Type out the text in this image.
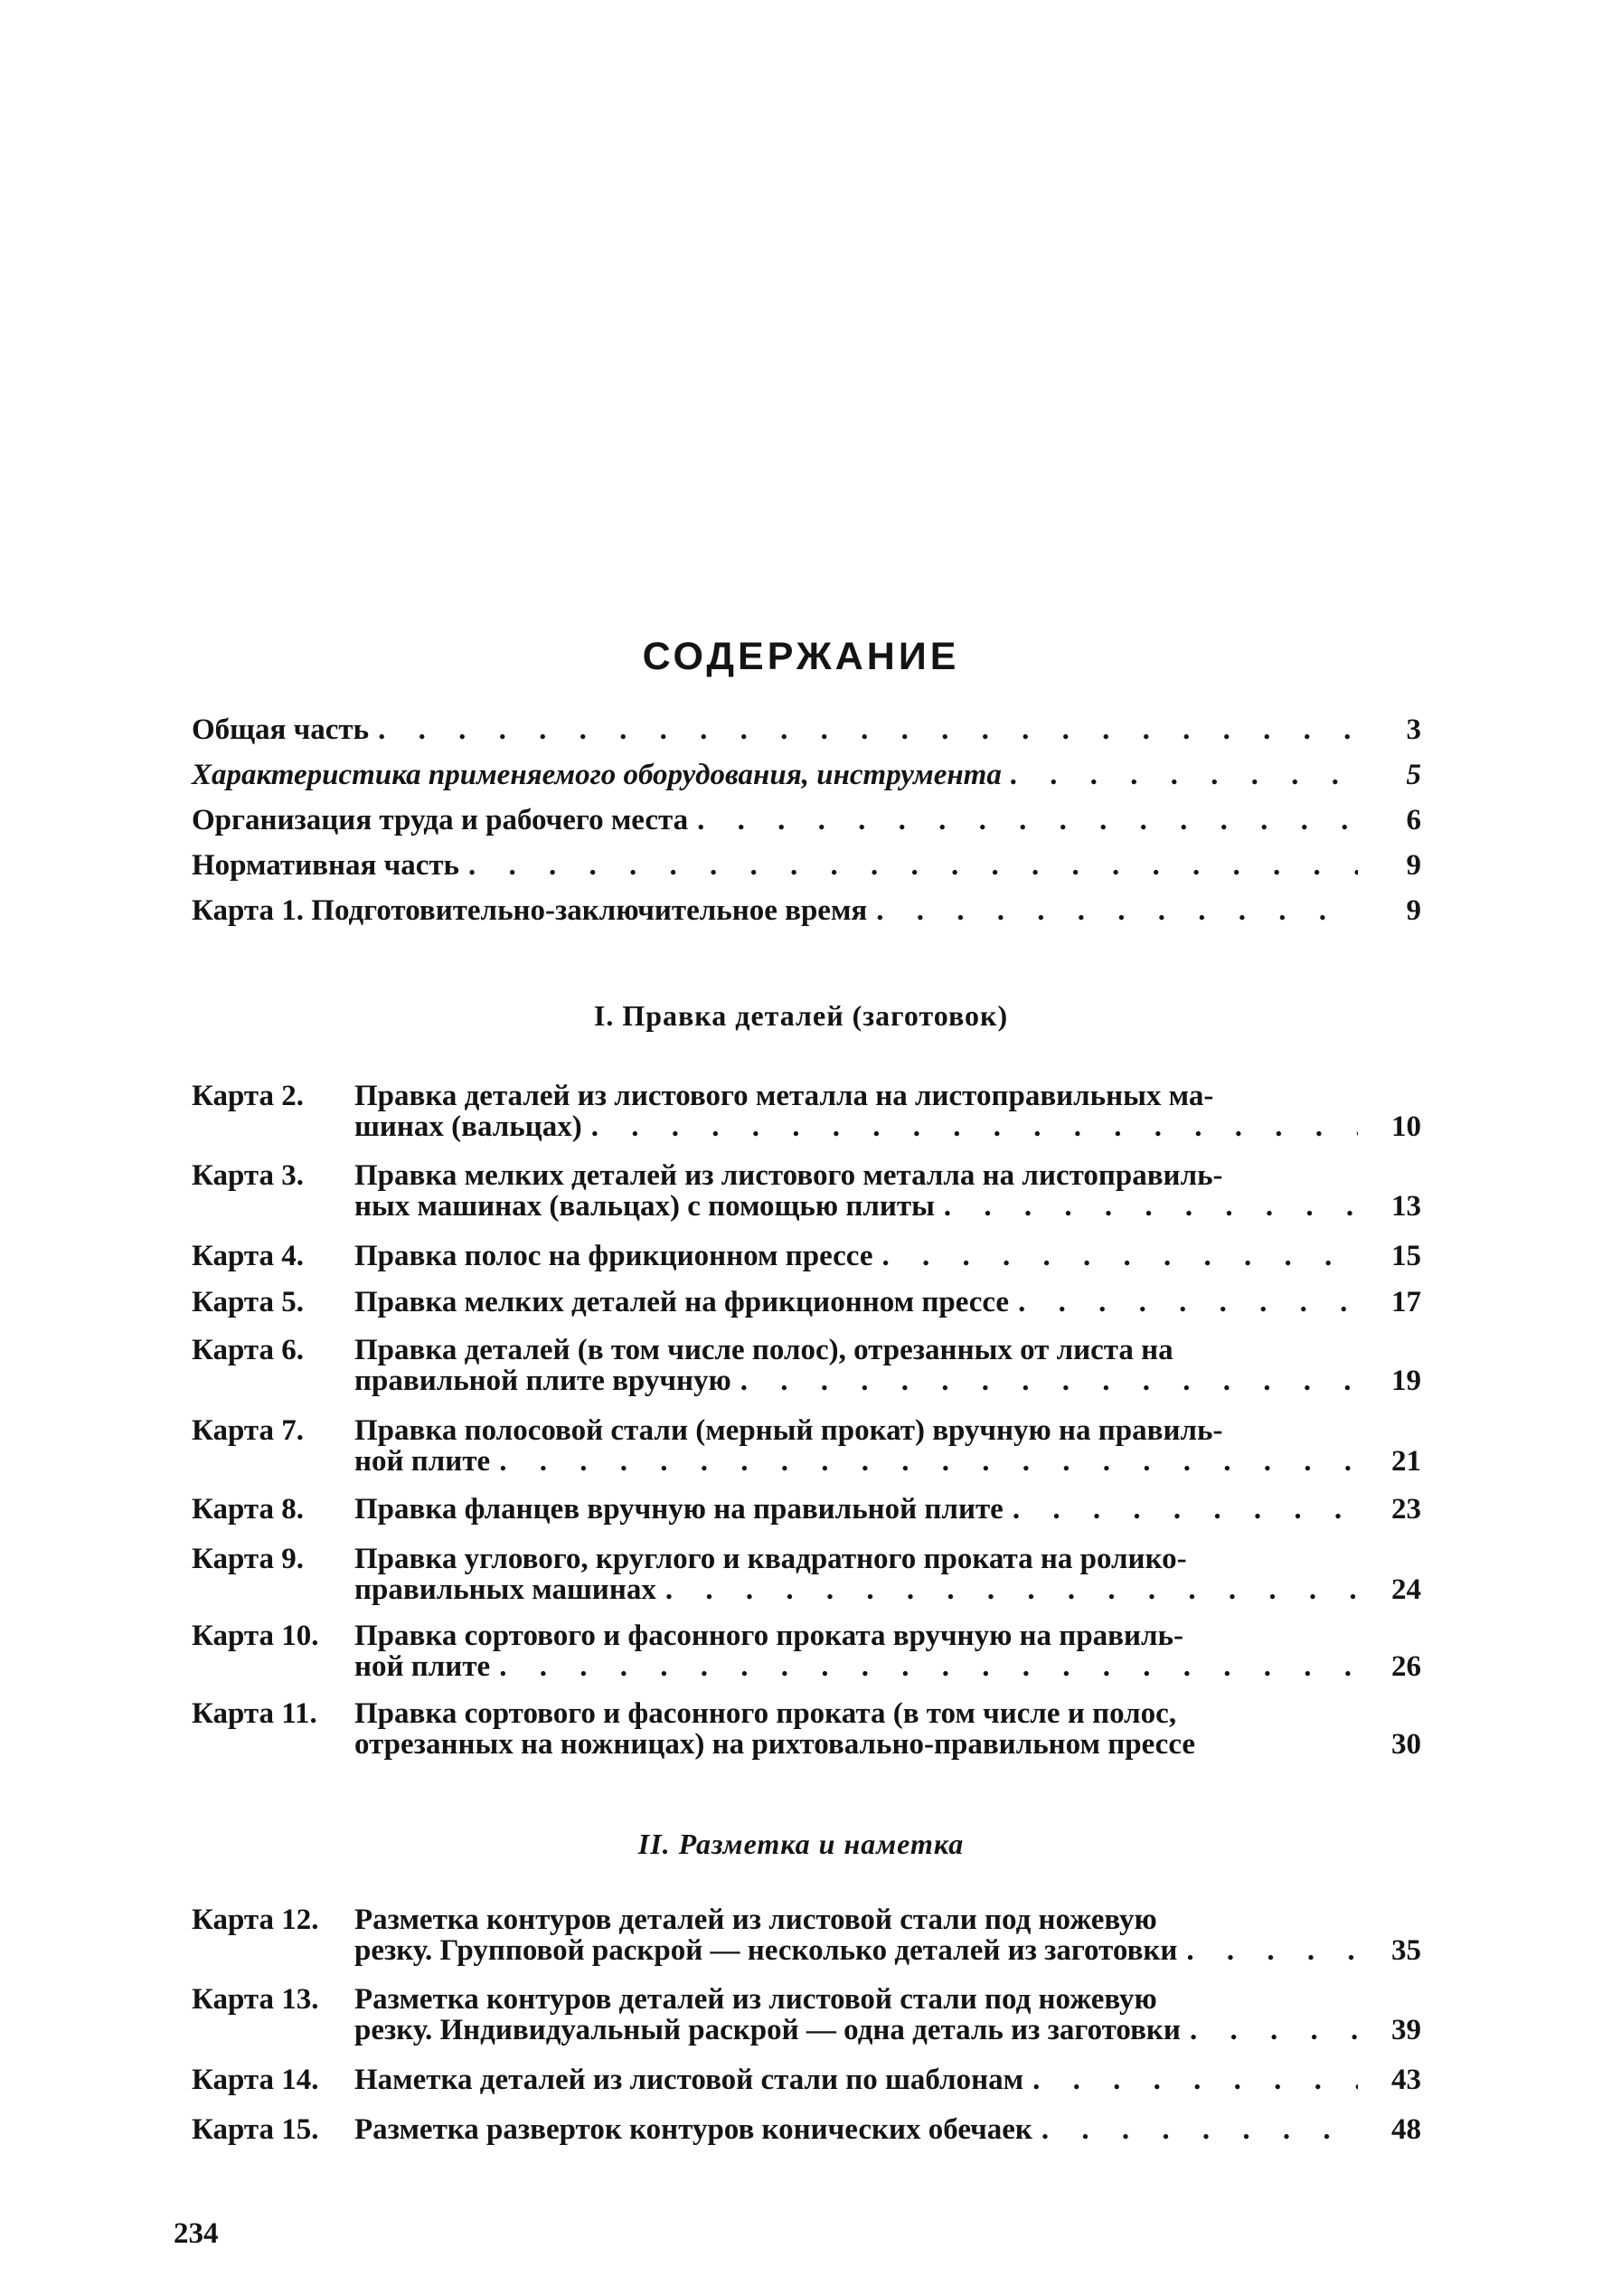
СОДЕРЖАНИЕ
Общая часть . . .	3
Характеристика применяемого оборудования, инструмента . . .	5
Организация труда и рабочего места . . .	6
Нормативная часть . . .	9
Карта 1. Подготовительно-заключительное время . . .	9
I. Правка деталей (заготовок)
Карта 2. Правка деталей из листового металла на листоправильных ма-
шинах (вальцах) . . .	10
Карта 3. Правка мелких деталей из листового металла на листоправиль-
ных машинах (вальцах) с помощью плиты . . .	13
Карта 4. Правка полос на фрикционном прессе . . .	15
Карта 5. Правка мелких деталей на фрикционном прессе . . .	17
Карта 6. Правка деталей (в том числе полос), отрезанных от листа на
правильной плите вручную . . .	19
Карта 7. Правка полосовой стали (мерный прокат) вручную на правиль-
ной плите . . .	21
Карта 8. Правка фланцев вручную на правильной плите . . .	23
Карта 9. Правка углового, круглого и квадратного проката на ролико-
правильных машинах . . .	24
Карта 10. Правка сортового и фасонного проката вручную на правиль-
ной плите . . .	26
Карта 11. Правка сортового и фасонного проката (в том числе и полос,
отрезанных на ножницах) на рихтовально-правильном прессе	30
II. Разметка и наметка
Карта 12. Разметка контуров деталей из листовой стали под ножевую
резку. Групповой раскрой — несколько деталей из заготовки . . .	35
Карта 13. Разметка контуров деталей из листовой стали под ножевую
резку. Индивидуальный раскрой — одна деталь из заготовки . . .	39
Карта 14. Наметка деталей из листовой стали по шаблонам . . .	43
Карта 15. Разметка разверток контуров конических обечаек . . .	48
234
